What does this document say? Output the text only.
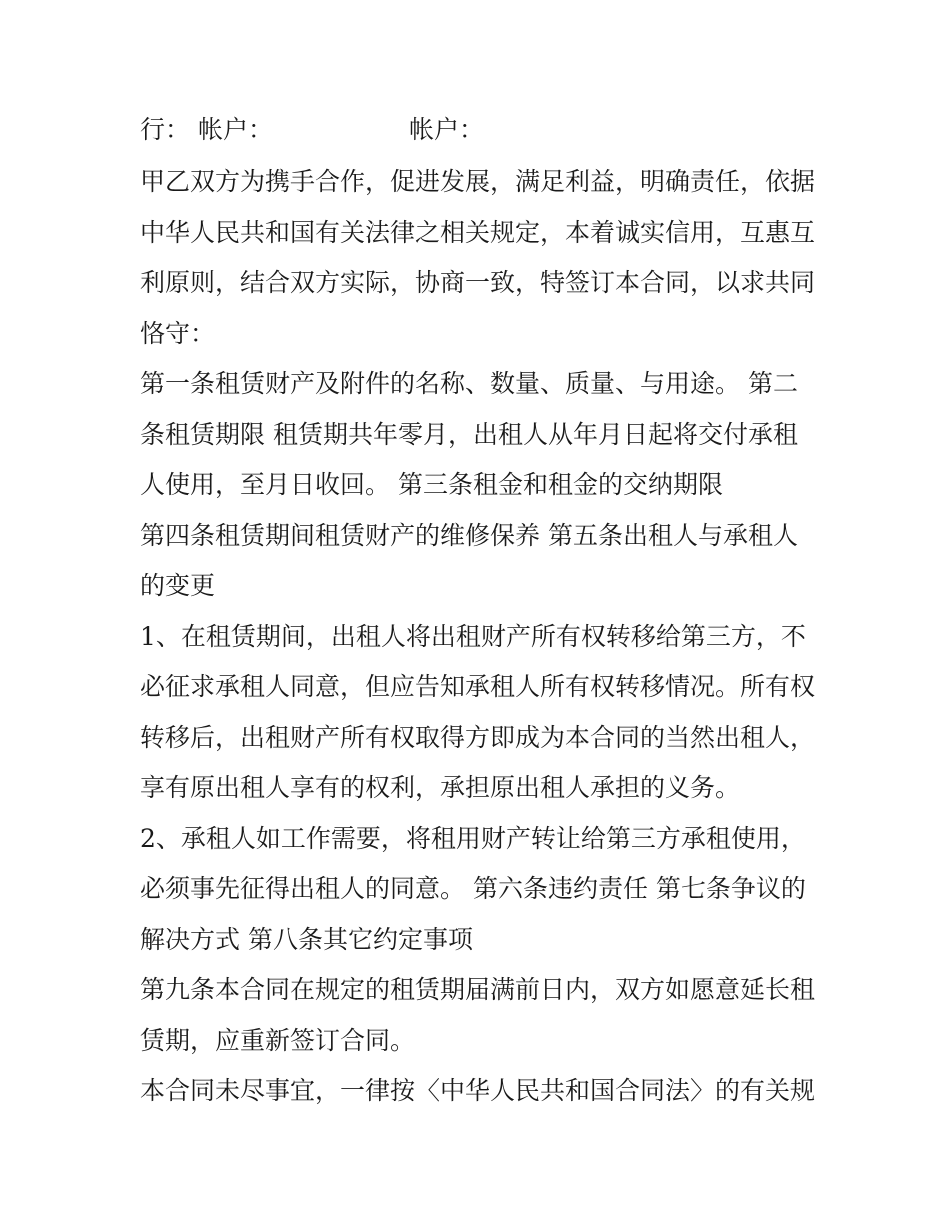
行： 帐户：	帐户：
甲乙双方为携手合作，促进发展，满足利益，明确责任，依据
中华人民共和国有关法律之相关规定，本着诚实信用，互惠互
利原则，结合双方实际，协商一致，特签订本合同，以求共同
恪守：
第一条租赁财产及附件的名称、数量、质量、与用途。 第二
条租赁期限 租赁期共年零月，出租人从年月日起将交付承租
人使用，至月日收回。 第三条租金和租金的交纳期限
第四条租赁期间租赁财产的维修保养 第五条出租人与承租人
的变更
1、在租赁期间，出租人将出租财产所有权转移给第三方，不
必征求承租人同意，但应告知承租人所有权转移情况。所有权
转移后，出租财产所有权取得方即成为本合同的当然出租人，
享有原出租人享有的权利，承担原出租人承担的义务。
2、承租人如工作需要，将租用财产转让给第三方承租使用，
必须事先征得出租人的同意。 第六条违约责任 第七条争议的
解决方式 第八条其它约定事项
第九条本合同在规定的租赁期届满前日内，双方如愿意延长租
赁期，应重新签订合同。
本合同未尽事宜，一律按〈中华人民共和国合同法〉的有关规
